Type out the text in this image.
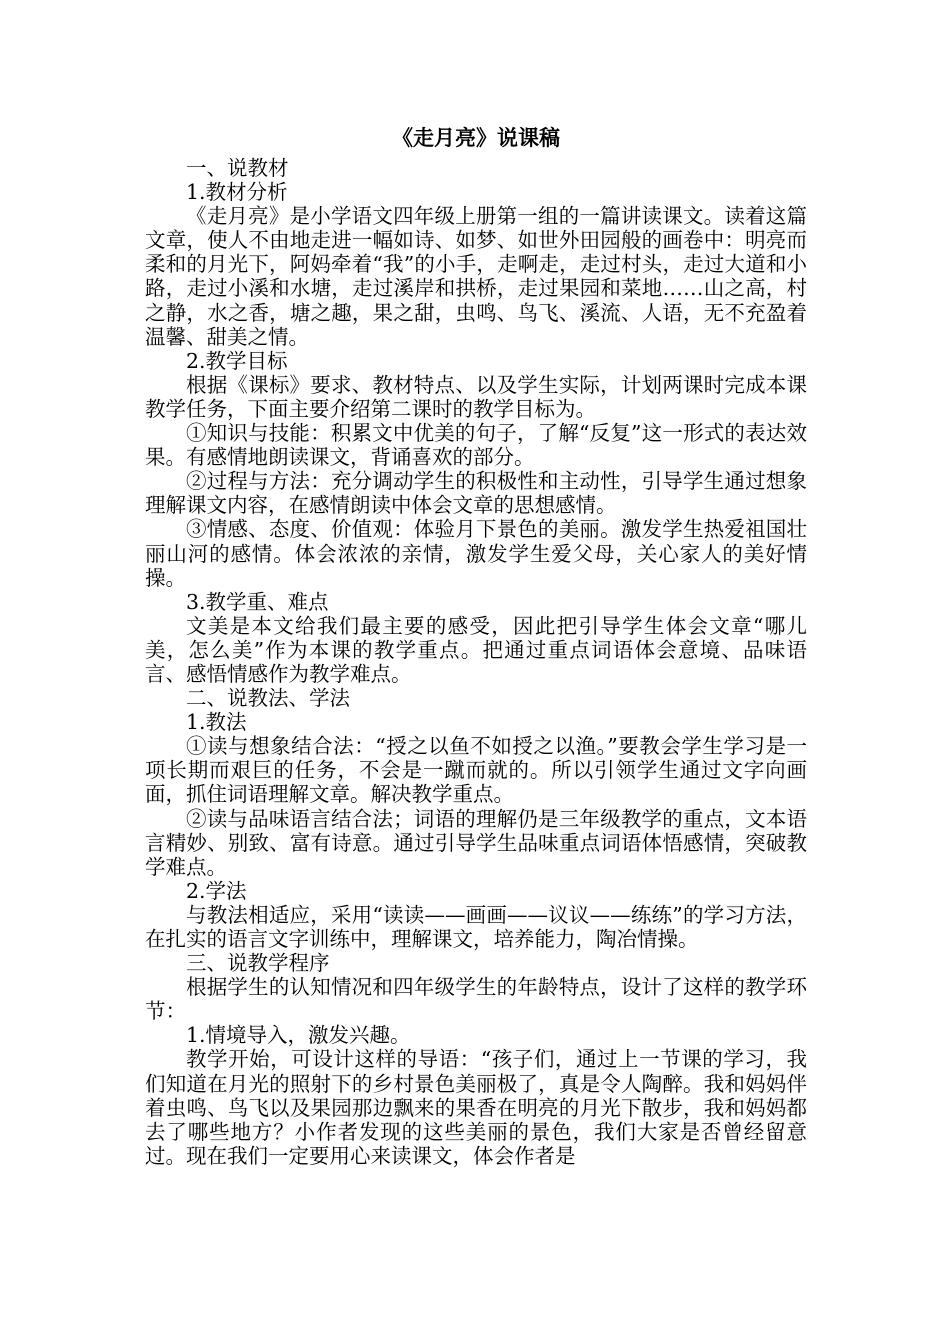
《走月亮》说课稿
一、说教材
1.教材分析
《走月亮》是小学语文四年级上册第一组的一篇讲读课文。读着这篇文章，使人不由地走进一幅如诗、如梦、如世外田园般的画卷中：明亮而柔和的月光下，阿妈牵着“我”的小手，走啊走，走过村头，走过大道和小路，走过小溪和水塘，走过溪岸和拱桥，走过果园和菜地……山之高，村之静，水之香，塘之趣，果之甜，虫鸣、鸟飞、溪流、人语，无不充盈着温馨、甜美之情。
2.教学目标
根据《课标》要求、教材特点、以及学生实际，计划两课时完成本课教学任务，下面主要介绍第二课时的教学目标为。
①知识与技能：积累文中优美的句子，了解“反复”这一形式的表达效果。有感情地朗读课文，背诵喜欢的部分。
②过程与方法：充分调动学生的积极性和主动性，引导学生通过想象理解课文内容，在感情朗读中体会文章的思想感情。
③情感、态度、价值观：体验月下景色的美丽。激发学生热爱祖国壮丽山河的感情。体会浓浓的亲情，激发学生爱父母，关心家人的美好情操。
3.教学重、难点
文美是本文给我们最主要的感受，因此把引导学生体会文章“哪儿美，怎么美”作为本课的教学重点。把通过重点词语体会意境、品味语言、感悟情感作为教学难点。
二、说教法、学法
1.教法
①读与想象结合法：“授之以鱼不如授之以渔。”要教会学生学习是一项长期而艰巨的任务，不会是一蹴而就的。所以引领学生通过文字向画面，抓住词语理解文章。解决教学重点。
②读与品味语言结合法；词语的理解仍是三年级教学的重点，文本语言精妙、别致、富有诗意。通过引导学生品味重点词语体悟感情，突破教学难点。
2.学法
与教法相适应，采用“读读——画画——议议——练练”的学习方法，在扎实的语言文字训练中，理解课文，培养能力，陶冶情操。
三、说教学程序
根据学生的认知情况和四年级学生的年龄特点，设计了这样的教学环节：
1.情境导入，激发兴趣。
教学开始，可设计这样的导语：“孩子们，通过上一节课的学习，我们知道在月光的照射下的乡村景色美丽极了，真是令人陶醉。我和妈妈伴着虫鸣、鸟飞以及果园那边飘来的果香在明亮的月光下散步，我和妈妈都去了哪些地方？小作者发现的这些美丽的景色，我们大家是否曾经留意过。现在我们一定要用心来读课文，体会作者是
